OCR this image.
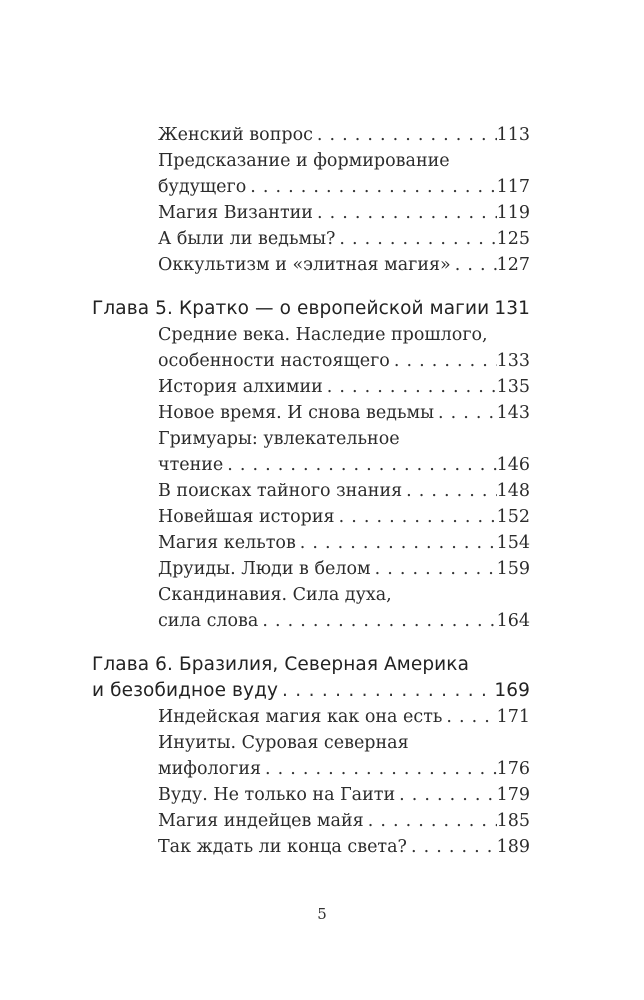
Женский вопрос . . .	113
Предсказание и формирование
будущего . . .	117
Магия Византии . . .	119
А были ли ведьмы? . . .	125
Оккультизм и «элитная магия» . . .	127
Глава 5. Кратко — о европейской магии . . . 131
Средние века. Наследие прошлого,
особенности настоящего . . .	133
История алхимии . . .	135
Новое время. И снова ведьмы . . .	143
Гримуары: увлекательное
чтение . . .	146
В поисках тайного знания . . .	148
Новейшая история . . .	152
Магия кельтов . . .	154
Друиды. Люди в белом . . .	159
Скандинавия. Сила духа,
сила слова . . .	164
Глава 6. Бразилия, Северная Америка
и безобидное вуду . . .	169
Индейская магия как она есть . . .	171
Инуиты. Суровая северная
мифология . . .	176
Вуду. Не только на Гаити . . .	179
Магия индейцев майя . . .	185
Так ждать ли конца света? . . .	189
5
